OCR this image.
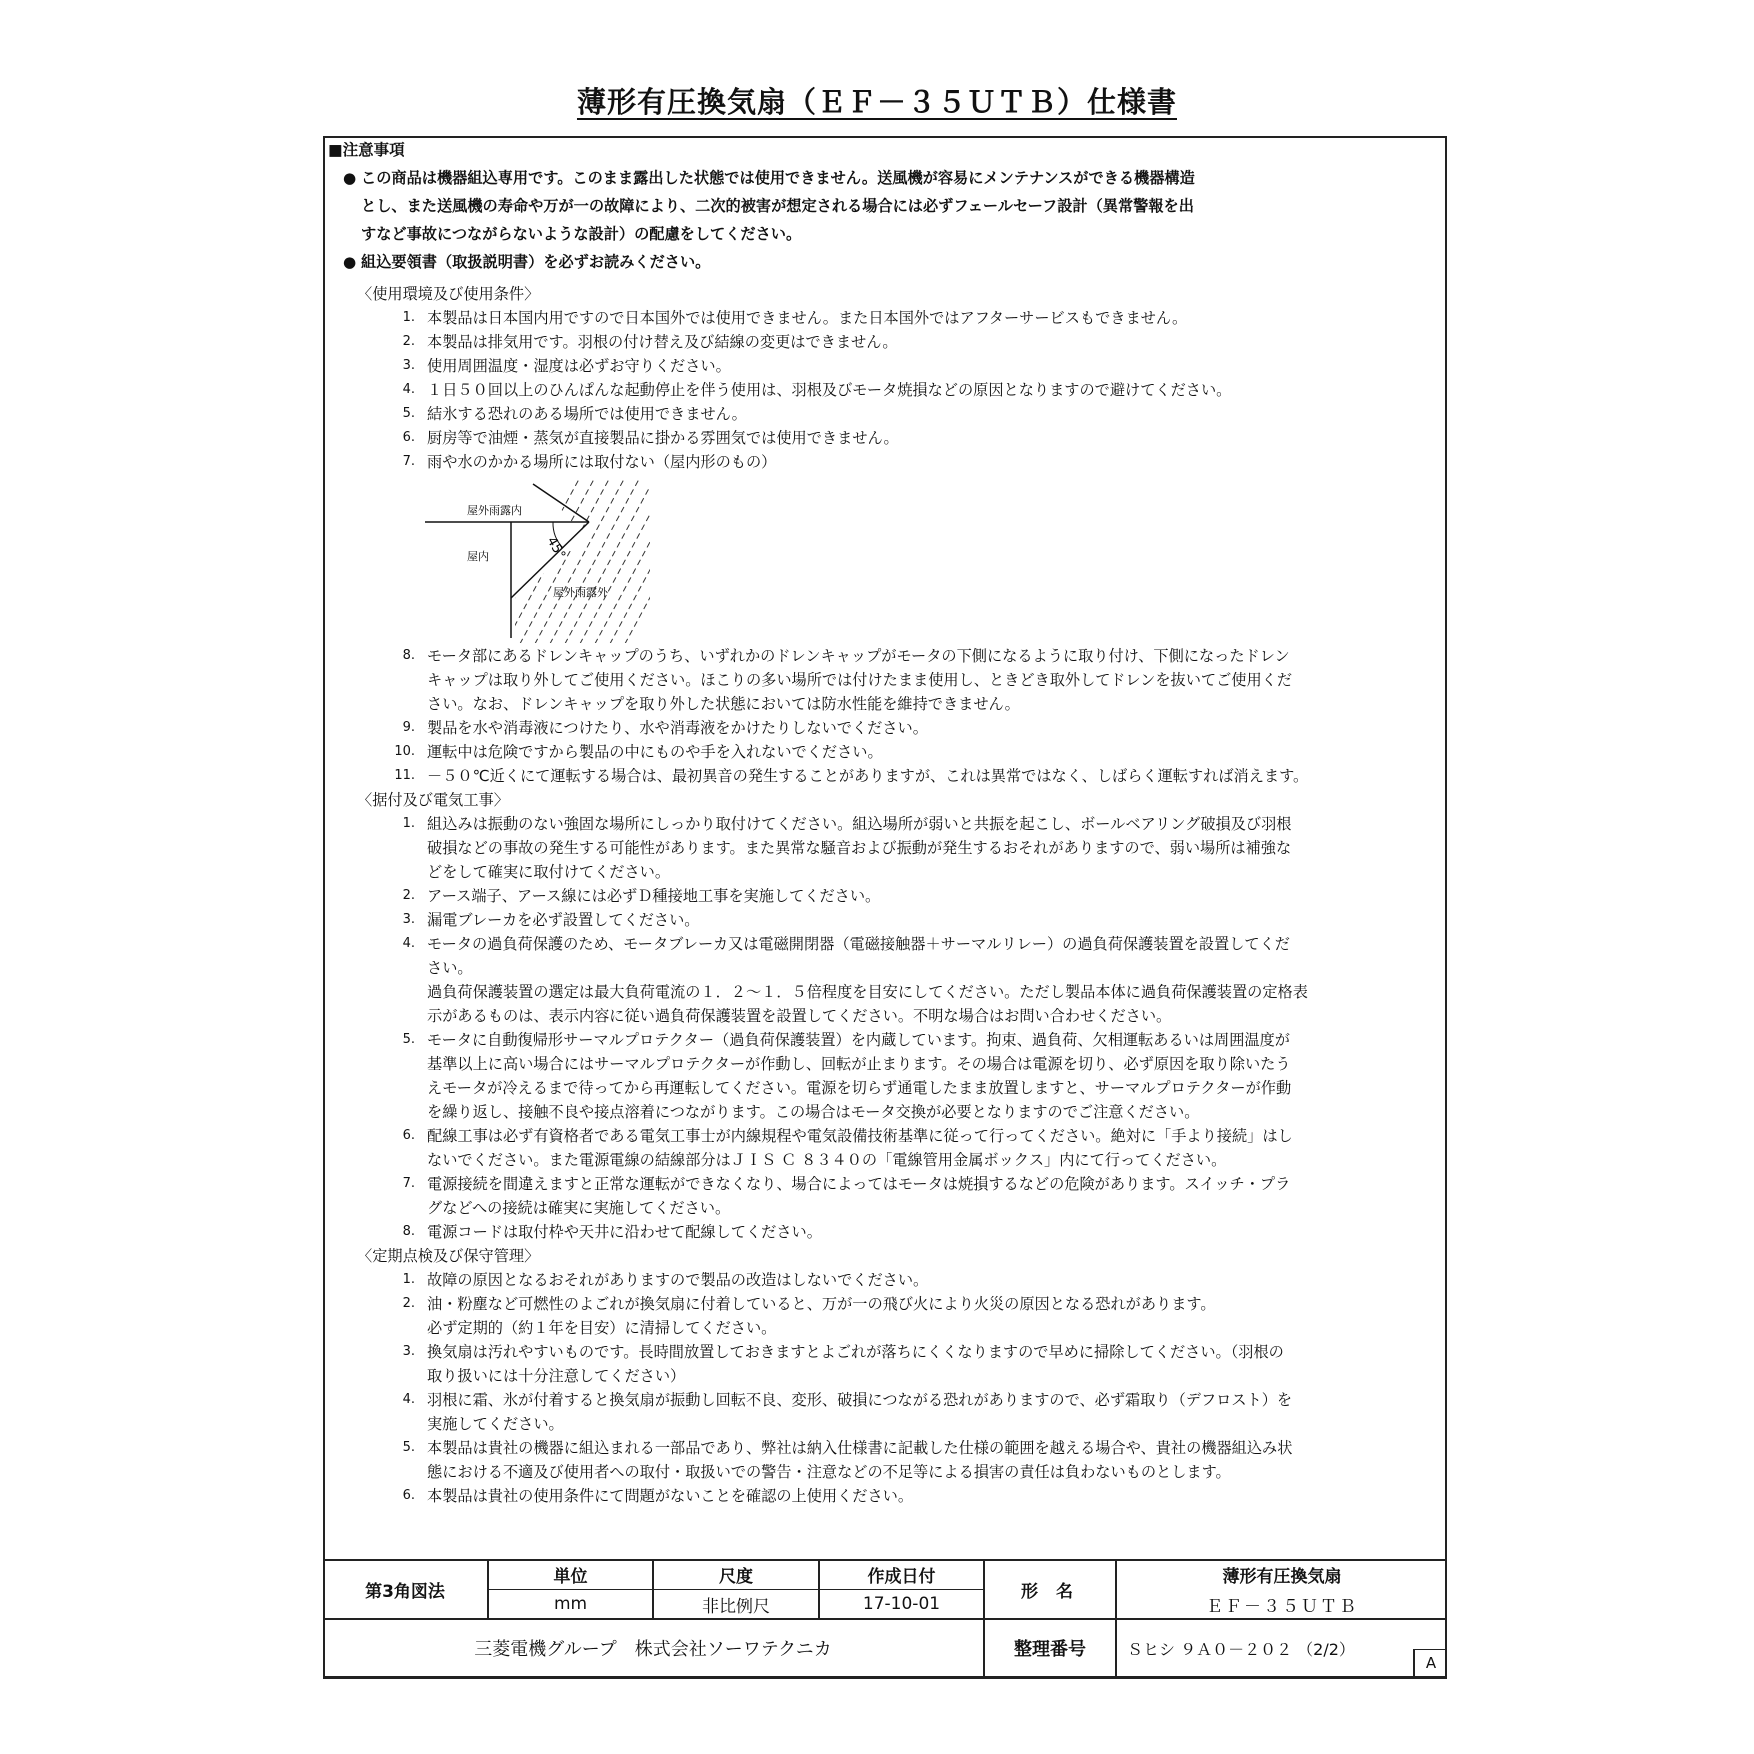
薄形有圧換気扇（ＥＦ－３５ＵＴＢ）仕様書
■注意事項
● この商品は機器組込専用です。このまま露出した状態では使用できません。送風機が容易にメンテナンスができる機器構造
とし、また送風機の寿命や万が一の故障により、二次的被害が想定される場合には必ずフェールセーフ設計（異常警報を出
すなど事故につながらないような設計）の配慮をしてください。
● 組込要領書（取扱説明書）を必ずお読みください。
〈使用環境及び使用条件〉
1. 本製品は日本国内用ですので日本国外では使用できません。また日本国外ではアフターサービスもできません。
2. 本製品は排気用です。羽根の付け替え及び結線の変更はできません。
3. 使用周囲温度・湿度は必ずお守りください。
4. １日５０回以上のひんぱんな起動停止を伴う使用は、羽根及びモータ焼損などの原因となりますので避けてください。
5. 結氷する恐れのある場所では使用できません。
6. 厨房等で油煙・蒸気が直接製品に掛かる雰囲気では使用できません。
7. 雨や水のかかる場所には取付ない（屋内形のもの）
8. モータ部にあるドレンキャップのうち、いずれかのドレンキャップがモータの下側になるように取り付け、下側になったドレン
キャップは取り外してご使用ください。ほこりの多い場所では付けたまま使用し、ときどき取外してドレンを抜いてご使用くだ
さい。なお、ドレンキャップを取り外した状態においては防水性能を維持できません。
9. 製品を水や消毒液につけたり、水や消毒液をかけたりしないでください。
10. 運転中は危険ですから製品の中にものや手を入れないでください。
11. －５０℃近くにて運転する場合は、最初異音の発生することがありますが、これは異常ではなく、しばらく運転すれば消えます。
〈据付及び電気工事〉
1. 組込みは振動のない強固な場所にしっかり取付けてください。組込場所が弱いと共振を起こし、ボールベアリング破損及び羽根
破損などの事故の発生する可能性があります。また異常な騒音および振動が発生するおそれがありますので、弱い場所は補強な
どをして確実に取付けてください。
2. アース端子、アース線には必ずＤ種接地工事を実施してください。
3. 漏電ブレーカを必ず設置してください。
4. モータの過負荷保護のため、モータブレーカ又は電磁開閉器（電磁接触器＋サーマルリレー）の過負荷保護装置を設置してくだ
さい。
過負荷保護装置の選定は最大負荷電流の１．２～１．５倍程度を目安にしてください。ただし製品本体に過負荷保護装置の定格表
示があるものは、表示内容に従い過負荷保護装置を設置してください。不明な場合はお問い合わせください。
5. モータに自動復帰形サーマルプロテクター（過負荷保護装置）を内蔵しています。拘束、過負荷、欠相運転あるいは周囲温度が
基準以上に高い場合にはサーマルプロテクターが作動し、回転が止まります。その場合は電源を切り、必ず原因を取り除いたう
えモータが冷えるまで待ってから再運転してください。電源を切らず通電したまま放置しますと、サーマルプロテクターが作動
を繰り返し、接触不良や接点溶着につながります。この場合はモータ交換が必要となりますのでご注意ください。
6. 配線工事は必ず有資格者である電気工事士が内線規程や電気設備技術基準に従って行ってください。絶対に「手より接続」はし
ないでください。また電源電線の結線部分はＪＩＳ Ｃ ８３４０の「電線管用金属ボックス」内にて行ってください。
7. 電源接続を間違えますと正常な運転ができなくなり、場合によってはモータは焼損するなどの危険があります。スイッチ・プラ
グなどへの接続は確実に実施してください。
8. 電源コードは取付枠や天井に沿わせて配線してください。
〈定期点検及び保守管理〉
1. 故障の原因となるおそれがありますので製品の改造はしないでください。
2. 油・粉塵など可燃性のよごれが換気扇に付着していると、万が一の飛び火により火災の原因となる恐れがあります。
必ず定期的（約１年を目安）に清掃してください。
3. 換気扇は汚れやすいものです。長時間放置しておきますとよごれが落ちにくくなりますので早めに掃除してください。（羽根の
取り扱いには十分注意してください）
4. 羽根に霜、氷が付着すると換気扇が振動し回転不良、変形、破損につながる恐れがありますので、必ず霜取り（デフロスト）を
実施してください。
5. 本製品は貴社の機器に組込まれる一部品であり、弊社は納入仕様書に記載した仕様の範囲を越える場合や、貴社の機器組込み状
態における不適及び使用者への取付・取扱いでの警告・注意などの不足等による損害の責任は負わないものとします。
6. 本製品は貴社の使用条件にて問題がないことを確認の上使用ください。
45°
屋外雨露内
屋内
屋外雨露外
第3角図法
単位
mm
尺度
非比例尺
作成日付
17-10-01
形 名
薄形有圧換気扇
ＥＦ－３５ＵＴＢ
三菱電機グループ　株式会社ソーワテクニカ	整理番号	Ｓヒシ ９Ａ０－２０２ （2/2）
A
